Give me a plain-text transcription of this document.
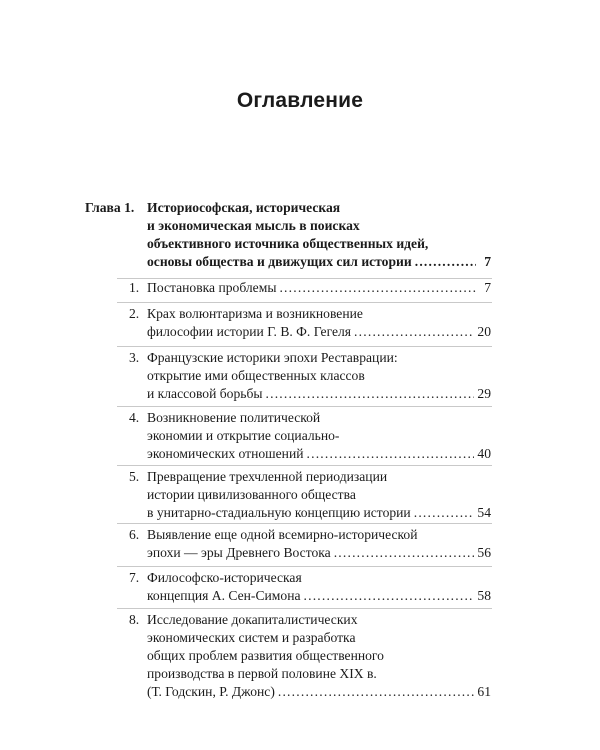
Оглавление
Глава 1. Историософская, историческая
и экономическая мысль в поисках
объективного источника общественных идей,
основы общества и движущих сил истории .....	7
1. Постановка проблемы .....	7
2. Крах волюнтаризма и возникновение
философии истории Г. В. Ф. Гегеля .....	20
3. Французские историки эпохи Реставрации:
открытие ими общественных классов
и классовой борьбы .....	29
4. Возникновение политической
экономии и открытие социально-
экономических отношений .....	40
5. Превращение трехчленной периодизации
истории цивилизованного общества
в унитарно-стадиальную концепцию истории .....	54
6. Выявление еще одной всемирно-исторической
эпохи — эры Древнего Востока .....	56
7. Философско-историческая
концепция А. Сен-Симона .....	58
8. Исследование докапиталистических
экономических систем и разработка
общих проблем развития общественного
производства в первой половине XIX в.
(Т. Годскин, Р. Джонс) .....	61
